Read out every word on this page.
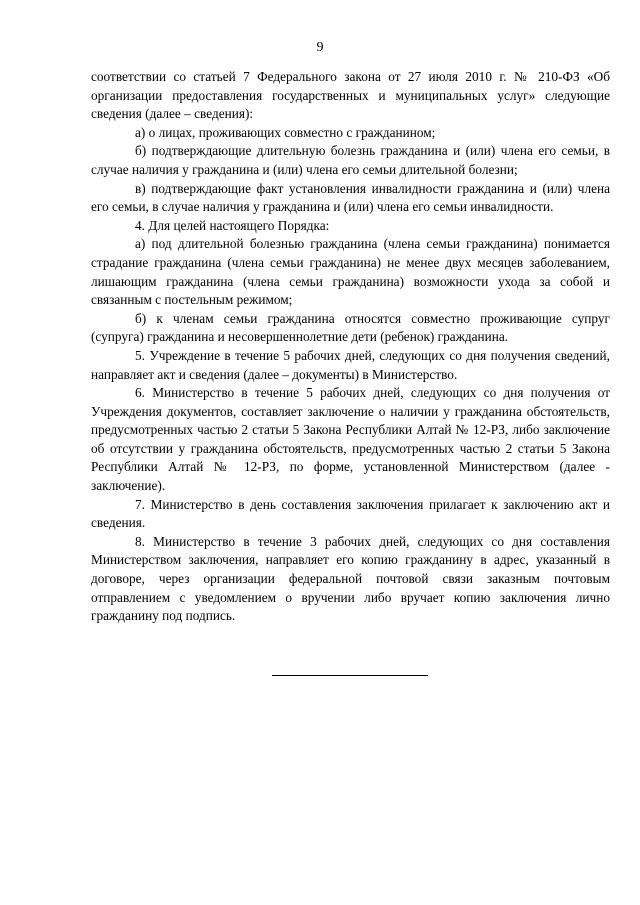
9

соответствии со статьей 7 Федерального закона от 27 июля 2010 г. № 210-ФЗ «Об организации предоставления государственных и муниципальных услуг» следующие сведения (далее – сведения):

а) о лицах, проживающих совместно с гражданином;

б) подтверждающие длительную болезнь гражданина и (или) члена его семьи, в случае наличия у гражданина и (или) члена его семьи длительной болезни;

в) подтверждающие факт установления инвалидности гражданина и (или) члена его семьи, в случае наличия у гражданина и (или) члена его семьи инвалидности.

4. Для целей настоящего Порядка:

а) под длительной болезнью гражданина (члена семьи гражданина) понимается страдание гражданина (члена семьи гражданина) не менее двух месяцев заболеванием, лишающим гражданина (члена семьи гражданина) возможности ухода за собой и связанным с постельным режимом;

б) к членам семьи гражданина относятся совместно проживающие супруг (супруга) гражданина и несовершеннолетние дети (ребенок) гражданина.

5. Учреждение в течение 5 рабочих дней, следующих со дня получения сведений, направляет акт и сведения (далее – документы) в Министерство.

6. Министерство в течение 5 рабочих дней, следующих со дня получения от Учреждения документов, составляет заключение о наличии у гражданина обстоятельств, предусмотренных частью 2 статьи 5 Закона Республики Алтай № 12-РЗ, либо заключение об отсутствии у гражданина обстоятельств, предусмотренных частью 2 статьи 5 Закона Республики Алтай № 12-РЗ, по форме, установленной Министерством (далее - заключение).

7. Министерство в день составления заключения прилагает к заключению акт и сведения.

8. Министерство в течение 3 рабочих дней, следующих со дня составления Министерством заключения, направляет его копию гражданину в адрес, указанный в договоре, через организации федеральной почтовой связи заказным почтовым отправлением с уведомлением о вручении либо вручает копию заключения лично гражданину под подпись.
